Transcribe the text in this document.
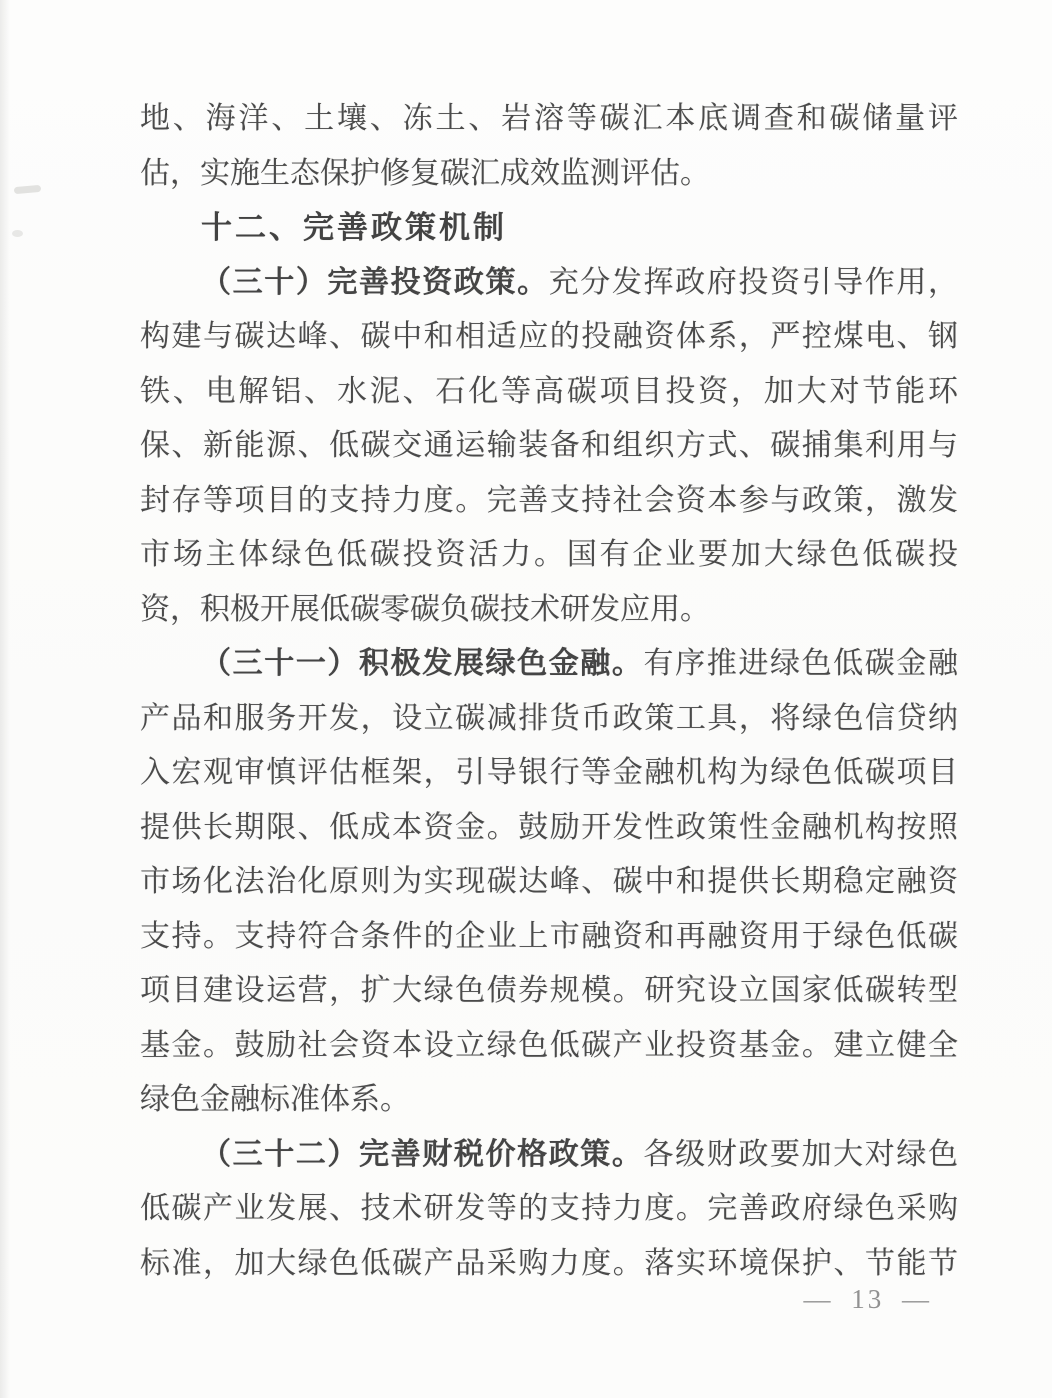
地、海洋、土壤、冻土、岩溶等碳汇本底调查和碳储量评
估，实施生态保护修复碳汇成效监测评估。
十二、完善政策机制
（三十）完善投资政策。充分发挥政府投资引导作用，
构建与碳达峰、碳中和相适应的投融资体系，严控煤电、钢
铁、电解铝、水泥、石化等高碳项目投资，加大对节能环
保、新能源、低碳交通运输装备和组织方式、碳捕集利用与
封存等项目的支持力度。完善支持社会资本参与政策，激发
市场主体绿色低碳投资活力。国有企业要加大绿色低碳投
资，积极开展低碳零碳负碳技术研发应用。
（三十一）积极发展绿色金融。有序推进绿色低碳金融
产品和服务开发，设立碳减排货币政策工具，将绿色信贷纳
入宏观审慎评估框架，引导银行等金融机构为绿色低碳项目
提供长期限、低成本资金。鼓励开发性政策性金融机构按照
市场化法治化原则为实现碳达峰、碳中和提供长期稳定融资
支持。支持符合条件的企业上市融资和再融资用于绿色低碳
项目建设运营，扩大绿色债券规模。研究设立国家低碳转型
基金。鼓励社会资本设立绿色低碳产业投资基金。建立健全
绿色金融标准体系。
（三十二）完善财税价格政策。各级财政要加大对绿色
低碳产业发展、技术研发等的支持力度。完善政府绿色采购
标准，加大绿色低碳产品采购力度。落实环境保护、节能节
— 13 —
